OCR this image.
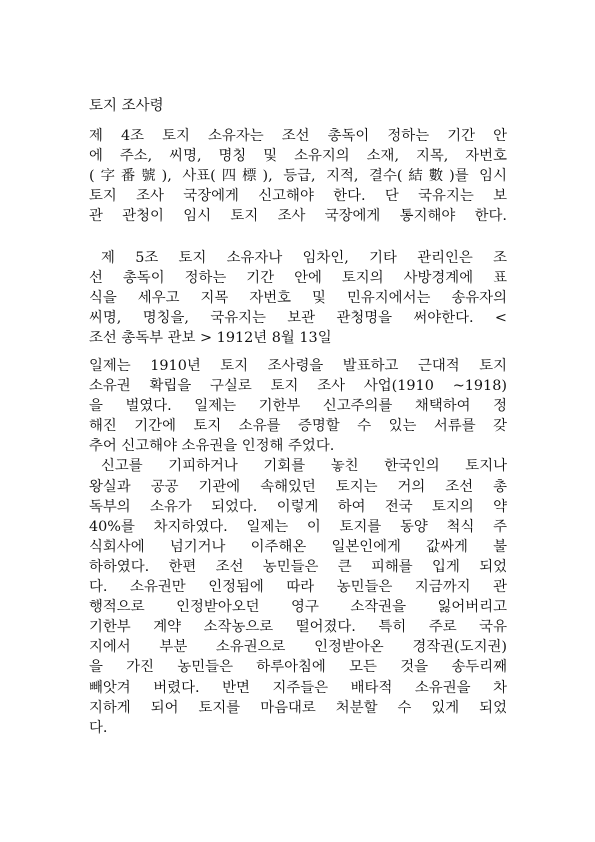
토지 조사령
제 4조 토지 소유자는 조선 총독이 정하는 기간 안
에 주소, 씨명, 명칭 및 소유지의 소재, 지목, 자번호
(字番號), 사표(四標), 등급, 지적, 결수(結數)를 임시
토지 조사 국장에게 신고해야 한다. 단 국유지는 보
관 관청이 임시 토지 조사 국장에게 통지해야 한다.
제 5조 토지 소유자나 임차인, 기타 관리인은 조
선 총독이 정하는 기간 안에 토지의 사방경계에 표
식을 세우고 지목 자번호 및 민유지에서는 송유자의
씨명, 명칭을, 국유지는 보관 관청명을 써야한다. <
조선 총독부 관보 > 1912년 8월 13일
일제는 1910년 토지 조사령을 발표하고 근대적 토지
소유권 확립을 구실로 토지 조사 사업(1910 ~1918)
을 벌였다. 일제는 기한부 신고주의를 채택하여 정
해진 기간에 토지 소유를 증명할 수 있는 서류를 갖
추어 신고해야 소유권을 인정해 주었다.
신고를 기피하거나 기회를 놓친 한국인의 토지나
왕실과 공공 기관에 속해있던 토지는 거의 조선 총
독부의 소유가 되었다. 이렇게 하여 전국 토지의 약
40%를 차지하였다. 일제는 이 토지를 동양 척식 주
식회사에 넘기거나 이주해온 일본인에게 값싸게 불
하하였다. 한편 조선 농민들은 큰 피해를 입게 되었
다. 소유권만 인정됨에 따라 농민들은 지금까지 관
행적으로 인정받아오던 영구 소작권을 잃어버리고
기한부 계약 소작농으로 떨어졌다. 특히 주로 국유
지에서 부분 소유권으로 인정받아온 경작권(도지권)
을 가진 농민들은 하루아침에 모든 것을 송두리째
빼앗겨 버렸다. 반면 지주들은 배타적 소유권을 차
지하게 되어 토지를 마음대로 처분할 수 있게 되었
다.
